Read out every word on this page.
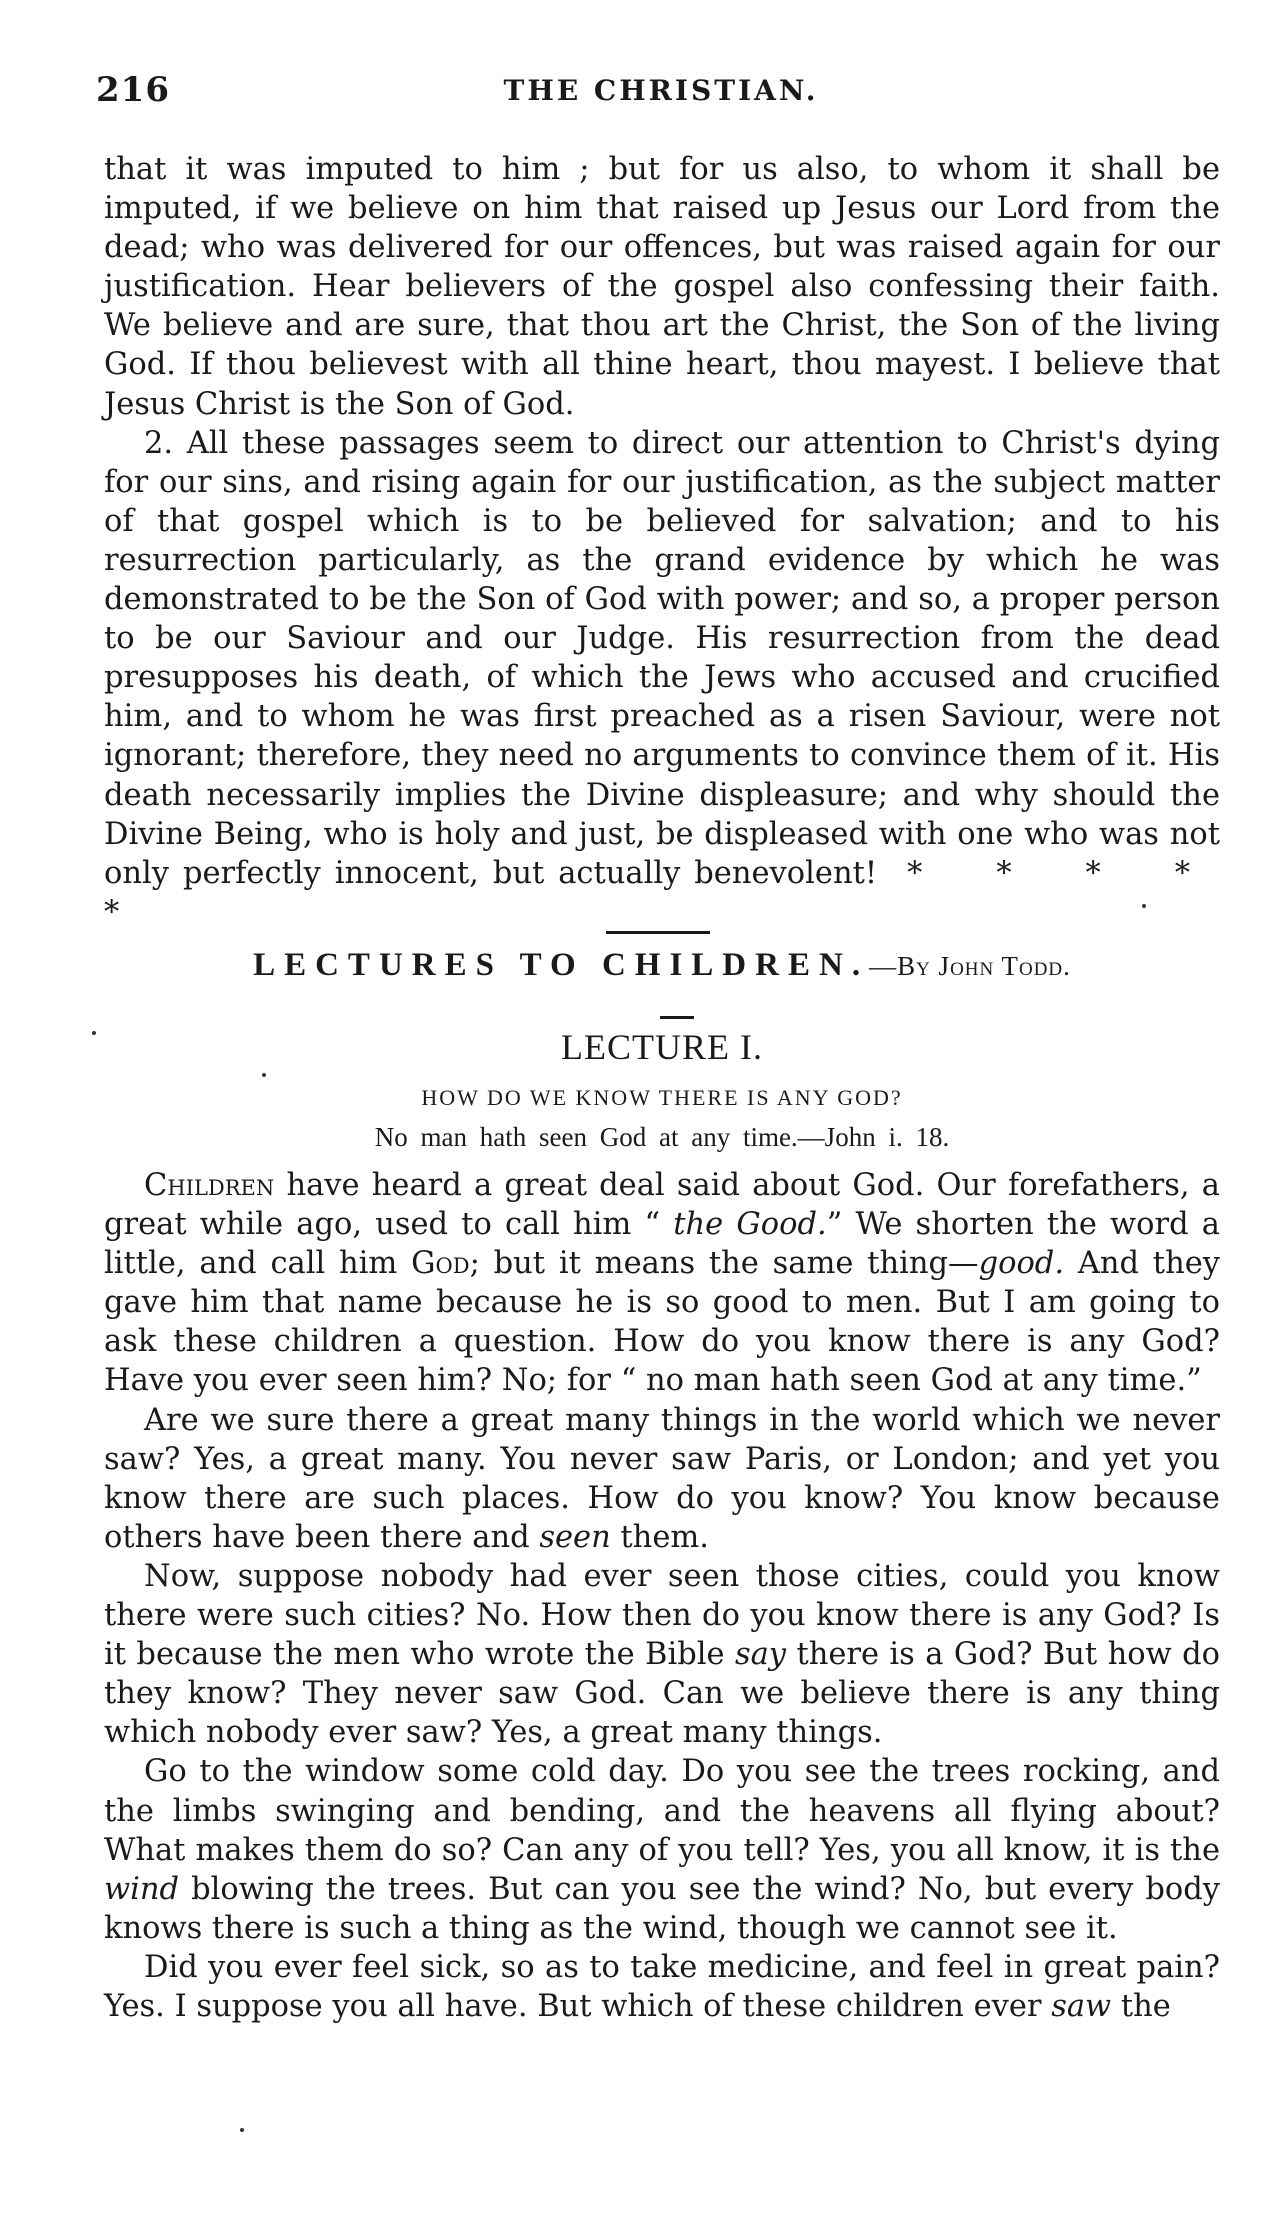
216	THE CHRISTIAN.

that it was imputed to him ; but for us also, to whom it shall be imputed, if we believe on him that raised up Jesus our Lord from the dead; who was delivered for our offences, but was raised again for our justification. Hear believers of the gospel also confessing their faith. We believe and are sure, that thou art the Christ, the Son of the living God. If thou believest with all thine heart, thou mayest. I believe that Jesus Christ is the Son of God.

2. All these passages seem to direct our attention to Christ's dying for our sins, and rising again for our justification, as the subject matter of that gospel which is to be believed for salvation; and to his resurrection particularly, as the grand evidence by which he was demonstrated to be the Son of God with power; and so, a proper person to be our Saviour and our Judge. His resurrection from the dead presupposes his death, of which the Jews who accused and crucified him, and to whom he was first preached as a risen Saviour, were not ignorant; therefore, they need no arguments to convince them of it. His death necessarily implies the Divine displeasure; and why should the Divine Being, who is holy and just, be displeased with one who was not only perfectly innocent, but actually benevolent! * * * * *

LECTURES TO CHILDREN.—By John Todd.
LECTURE I.
HOW DO WE KNOW THERE IS ANY GOD?
No man hath seen God at any time.—John i. 18.

Children have heard a great deal said about God. Our forefathers, a great while ago, used to call him “ the Good.” We shorten the word a little, and call him God; but it means the same thing—good. And they gave him that name because he is so good to men. But I am going to ask these children a question. How do you know there is any God? Have you ever seen him? No; for “ no man hath seen God at any time.”

Are we sure there a great many things in the world which we never saw? Yes, a great many. You never saw Paris, or London; and yet you know there are such places. How do you know? You know because others have been there and seen them.

Now, suppose nobody had ever seen those cities, could you know there were such cities? No. How then do you know there is any God? Is it because the men who wrote the Bible say there is a God? But how do they know? They never saw God. Can we believe there is any thing which nobody ever saw? Yes, a great many things.

Go to the window some cold day. Do you see the trees rocking, and the limbs swinging and bending, and the heavens all flying about? What makes them do so? Can any of you tell? Yes, you all know, it is the wind blowing the trees. But can you see the wind? No, but every body knows there is such a thing as the wind, though we cannot see it.

Did you ever feel sick, so as to take medicine, and feel in great pain? Yes. I suppose you all have. But which of these children ever saw the
